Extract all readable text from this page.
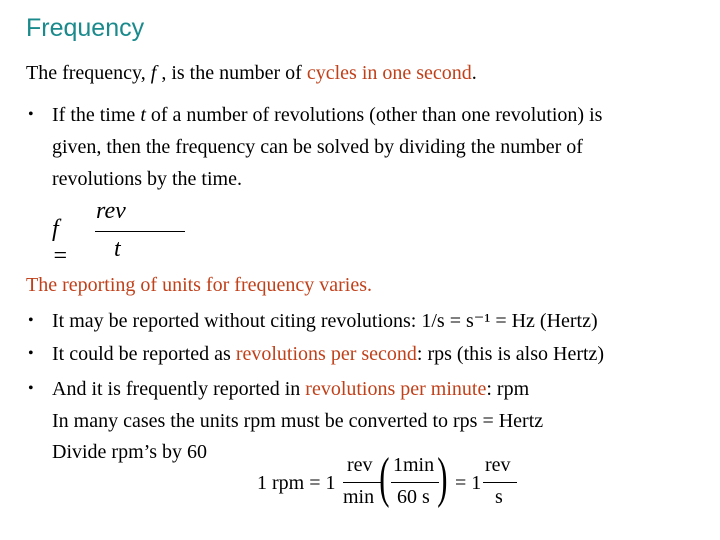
Frequency
The frequency, f , is the number of cycles in one second.
• If the time t of a number of revolutions (other than one revolution) is
given, then the frequency can be solved by dividing the number of
revolutions by the time.
f =
rev
t
The reporting of units for frequency varies.
• It may be reported without citing revolutions: 1/s = s⁻¹ = Hz (Hertz)
• It could be reported as revolutions per second: rps (this is also Hertz)
• And it is frequently reported in revolutions per minute: rpm
In many cases the units rpm must be converted to rps = Hertz
Divide rpm’s by 60
1 rpm = 1
rev
min ( 1min
60 s ) = 1
rev
s
